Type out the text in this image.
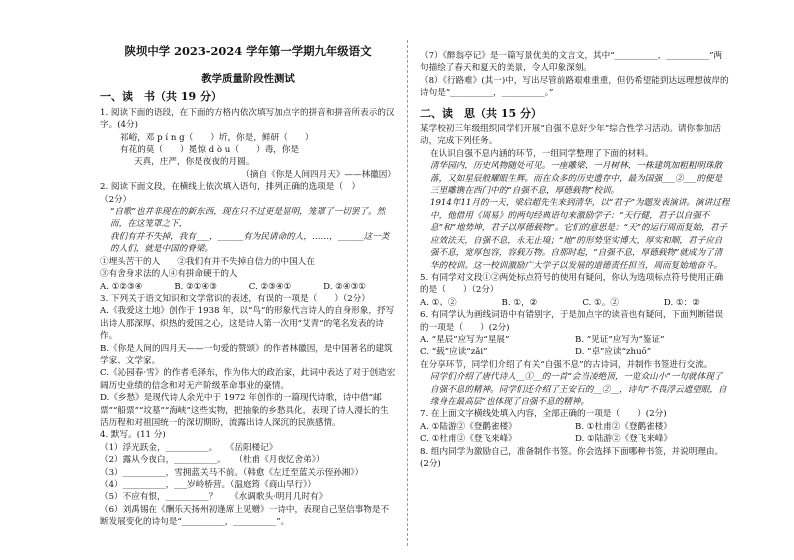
陕坝中学 2023-2024 学年第一学期九年级语文

教学质量阶段性测试

一、读　书（共 19 分）

1. 阅读下面的语段，在下面的方格内依次填写加点字的拼音和拼音所表示的汉字。(4分)

祁峪，邓 p í n g（　　）圻，你是，鲜研（　　）

有花的莫（　　）冕惊 d ò u（　　）毒，你是

天真，庄严，你是夜夜的月圆。

（摘自《你是人间四月天》——林徽因）

2. 阅读下面文段，在横线上依次填入语句，排列正确的选项是（　）

（2分）

“自歌”也并非现在的新东西，现在只不过更是显明，笼罩了一切罢了。然而，在这笼罩之下，

我们有并不失掉，我有___，______有为民请命的人，……，______这一类的人们，就是中国的脊梁。

①埋头苦干的人　　②我们有并不失掉自信力的中国人在

③有舍身求法的人④有拼命硬干的人

A. ①②③④	B. ②①④③	C. ②③④①	D. ②④③①

3. 下列关于语文知识和文学常识的表述，有误的一项是（　　）（2分）

A.《我爱这土地》创作于 1938 年，以“鸟”的形象代言诗人的自身形象，抒写出诗人那深厚、炽热的爱国之心，这是诗人第一次用“艾青”的笔名发表的诗作。

B.《你是人间的四月天——一句爱的赞颂》的作者林徽因，是中国著名的建筑学家、文学家。

C.《沁园春·雪》的作者毛泽东，作为伟大的政治家，此词中表达了对于创造宏阔历史业绩的信念和对无产阶级革命事业的豪情。

D.《乡愁》是现代诗人余光中于 1972 年创作的一篇现代诗歌，诗中借“邮票”“船票”“坟墓”“海峡”这些实物，把抽象的乡愁具化，表现了诗人漫长的生活历程和对祖国统一的深切期盼，流露出诗人深沉的民族感情。

4. 默写。(11 分)

（1）浮光跃金，__________。　　《岳阳楼记》

（2）露从今夜白，__________。　　（杜甫《月夜忆舍弟》）

（3）__________，雪拥蓝关马不前。（韩愈《左迁至蓝关示侄孙湘》）

（4）__________，___岁岭桥营。（温庭筠《商山早行》）

（5）不应有恨，__________？　　《水调歌头·明月几时有》

（6）刘禹锡在《酬乐天扬州初逢席上见赠》一诗中，表现自己坚信事物是不断发展变化的诗句是“__________，__________”。

（7）《醉翁亭记》是一篇写景优美的文言文，其中“__________，__________”两句描绘了春天和夏天的美景，令人印象深刻。

（8）《行路难》(其一)中，写出尽管前路艰难重重，但仍希望能到达远理想彼岸的诗句是“__________，__________。”

二、读　思（共 15 分）

某学校初三年级组织同学们开展“自强不息好少年”综合性学习活动。请你参加活动，完成下列任务。

在认识自强不息内涵的环节，一组同学整理了下面的材料。

清华园内，历史风物随处可见。一座雕梁、一月树林、一株建筑加粗粗明珠散落，又如星辰般耀眼生辉。而在众多的历史遗存中，最为国强___②___的便是三里雕镌在西门中的“自强不息，厚德载物”校训。

1914年11月的一天，梁启超先生来到清华，以“君子”为题发表演讲。演讲过程中，他借用《周易》的两句经典语句来激励学子：“天行健，君子以自强不息”和“地势坤，君子以厚德载物”。它们的意思是：“天”的运行周而复始，君子应效法天，自强不息，永无止境；“地”的形势坚实博大，厚实和顺，君子应自强不息，宽厚包容，容载万物。自那时起，“自强不息，厚德载物”就成为了清华的校训。这一校训激励广大学子以发展的道德责任担当，周而复始地奋斗。

5. 有同学对文段①②两处标点符号的使用有疑问，你认为选项标点符号使用正确的是（　　）（2分）

A. ①、②	B. ①，②	C. ①。②	D. ①：②

6. 有同学认为画线词语中有错别字，于是加点字的读音也有疑问，下面判断错误的一项是（　　）(2分)

A. “星辰”应写为“星展”	B. “见证”应写为“鉴证”
C. “载”应读“zǎi”	D. “卓”应读“zhuō”

在分享环节，同学们介绍了有关“自强不息”的古诗词，并制作书签进行交流。

同学们介绍了唐代诗人__①__的一首“会当凌绝顶，一览众山小”一句就体现了自强不息的精神。同学们还介绍了王安石的__②__，诗句“不畏浮云遮望眼，自缘身在最高层”也体现了自强不息的精神。

7. 在上面文字横线处填入内容，全部正确的一项是（　　）(2分)

A. ①陆游②《登鹳雀楼》	B. ①杜甫②《登鹳雀楼》
C. ①杜甫②《登飞来峰》	D. ①陆游②《登飞来峰》

8. 组内同学为激励自己，准备制作书签。你会选择下面哪种书签，并说明理由。(2分)
